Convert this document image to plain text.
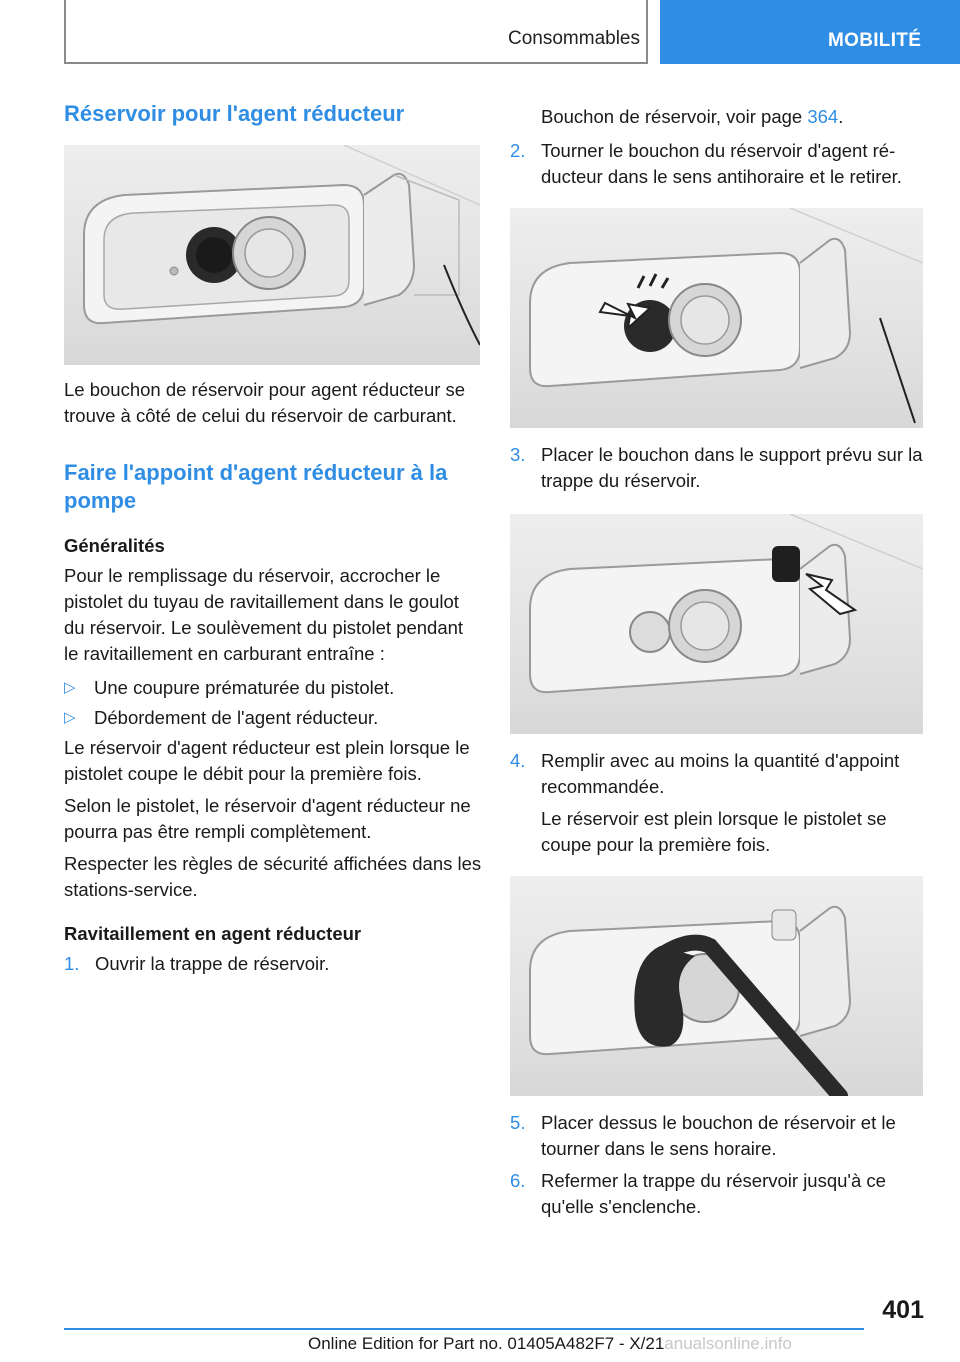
Consommables	MOBILITÉ
Réservoir pour l'agent réducteur

Le bouchon de réservoir pour agent réducteur se trouve à côté de celui du réservoir de carburant.

Faire l'appoint d'agent réducteur à la pompe
Généralités

Pour le remplissage du réservoir, accrocher le pistolet du tuyau de ravitaillement dans le goulot du réservoir. Le soulèvement du pistolet pendant le ravitaillement en carburant entraîne :

▷ Une coupure prématurée du pistolet.
▷ Débordement de l'agent réducteur.

Le réservoir d'agent réducteur est plein lorsque le pistolet coupe le débit pour la première fois.

Selon le pistolet, le réservoir d'agent réducteur ne pourra pas être rempli complètement.

Respecter les règles de sécurité affichées dans les stations-service.

Ravitaillement en agent réducteur
1. Ouvrir la trappe de réservoir.

Bouchon de réservoir, voir page 364.

2. Tourner le bouchon du réservoir d'agent réducteur dans le sens antihoraire et le retirer.
3. Placer le bouchon dans le support prévu sur la trappe du réservoir.
4. Remplir avec au moins la quantité d'appoint recommandée.

Le réservoir est plein lorsque le pistolet se coupe pour la première fois.

5. Placer dessus le bouchon de réservoir et le tourner dans le sens horaire.
6. Refermer la trappe du réservoir jusqu'à ce qu'elle s'enclenche.
401
Online Edition for Part no. 01405A482F7 - X/21anualsonline.info
